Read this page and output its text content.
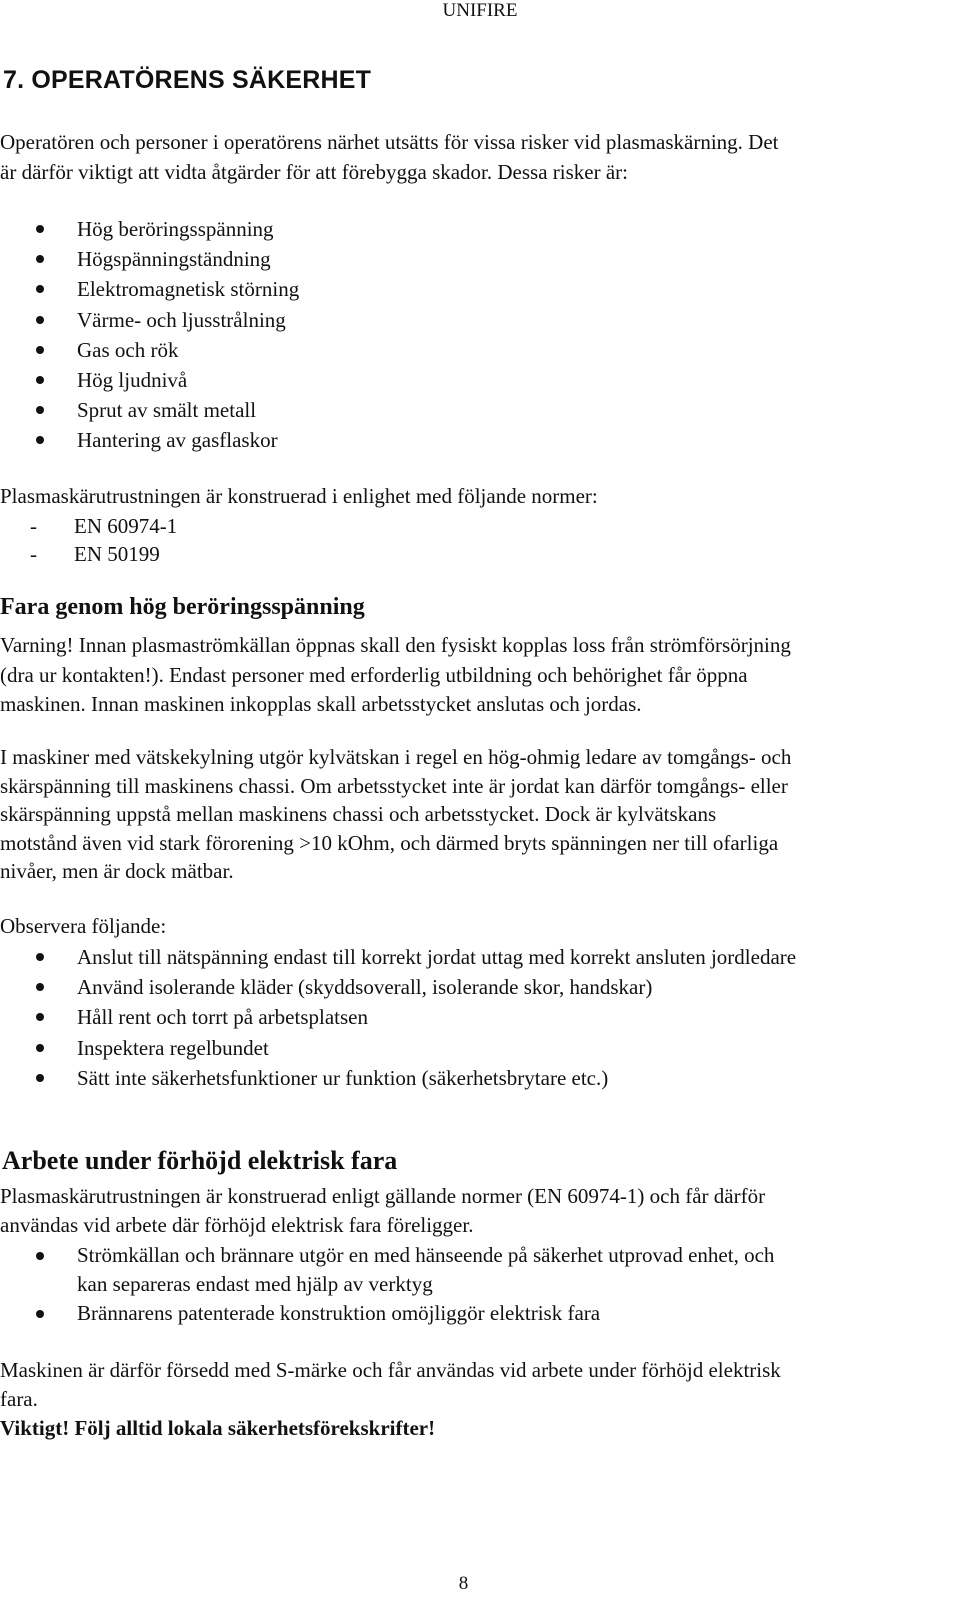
UNIFIRE
7. OPERATÖRENS SÄKERHET
Operatören och personer i operatörens närhet utsätts för vissa risker vid plasmaskärning. Det
är därför viktigt att vidta åtgärder för att förebygga skador. Dessa risker är:
Hög beröringsspänning
Högspänningständning
Elektromagnetisk störning
Värme- och ljusstrålning
Gas och rök
Hög ljudnivå
Sprut av smält metall
Hantering av gasflaskor
Plasmaskärutrustningen är konstruerad i enlighet med följande normer:
- EN 60974-1
- EN 50199
Fara genom hög beröringsspänning
Varning! Innan plasmaströmkällan öppnas skall den fysiskt kopplas loss från strömförsörjning
(dra ur kontakten!). Endast personer med erforderlig utbildning och behörighet får öppna
maskinen. Innan maskinen inkopplas skall arbetsstycket anslutas och jordas.
I maskiner med vätskekylning utgör kylvätskan i regel en hög-ohmig ledare av tomgångs- och
skärspänning till maskinens chassi. Om arbetsstycket inte är jordat kan därför tomgångs- eller
skärspänning uppstå mellan maskinens chassi och arbetsstycket. Dock är kylvätskans
motstånd även vid stark förorening >10 kOhm, och därmed bryts spänningen ner till ofarliga
nivåer, men är dock mätbar.
Observera följande:
Anslut till nätspänning endast till korrekt jordat uttag med korrekt ansluten jordledare
Använd isolerande kläder (skyddsoverall, isolerande skor, handskar)
Håll rent och torrt på arbetsplatsen
Inspektera regelbundet
Sätt inte säkerhetsfunktioner ur funktion (säkerhetsbrytare etc.)
Arbete under förhöjd elektrisk fara
Plasmaskärutrustningen är konstruerad enligt gällande normer (EN 60974-1) och får därför
användas vid arbete där förhöjd elektrisk fara föreligger.
Strömkällan och brännare utgör en med hänseende på säkerhet utprovad enhet, och
kan separeras endast med hjälp av verktyg
Brännarens patenterade konstruktion omöjliggör elektrisk fara
Maskinen är därför försedd med S-märke och får användas vid arbete under förhöjd elektrisk
fara.
Viktigt! Följ alltid lokala säkerhetsförekskrifter!
8
